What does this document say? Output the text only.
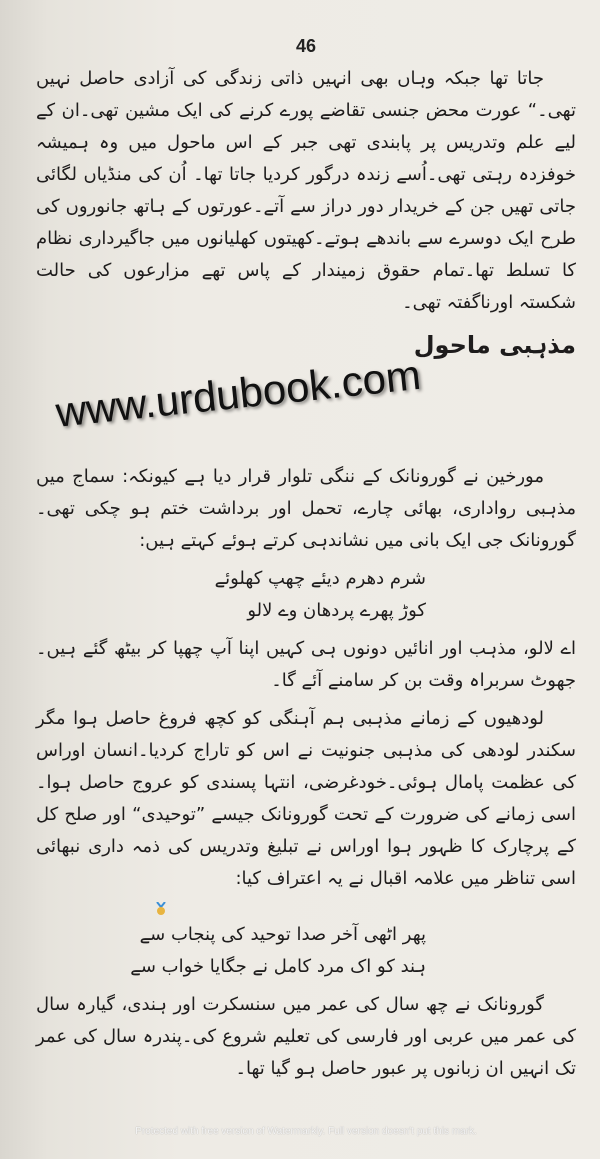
46
جاتا تھا جبکہ وہاں بھی انہیں ذاتی زندگی کی آزادی حاصل نہیں تھی۔“ عورت محض جنسی تقاضے پورے کرنے کی ایک مشین تھی۔ان کے لیے علم وتدریس پر پابندی تھی جبر کے اس ماحول میں وہ ہمیشہ خوفزدہ رہتی تھی۔اُسے زندہ درگور کردیا جاتا تھا۔ اُن کی منڈیاں لگائی جاتی تھیں جن کے خریدار دور دراز سے آتے۔عورتوں کے ہاتھ جانوروں کی طرح ایک دوسرے سے باندھے ہوتے۔کھیتوں کھلیانوں میں جاگیرداری نظام کا تسلط تھا۔تمام حقوق زمیندار کے پاس تھے مزارعوں کی حالت شکستہ اورناگفتہ تھی۔
مذہبی ماحول
www.urdubook.com
مورخین نے گورونانک کے ننگی تلوار قرار دیا ہے کیونکہ: سماج میں مذہبی رواداری، بھائی چارے، تحمل اور برداشت ختم ہو چکی تھی۔گورونانک جی ایک بانی میں نشاندہی کرتے ہوئے کہتے ہیں:
شرم دھرم دیئے چھپ کھلوئے
کوڑ پھرے پردھان وے لالو
اے لالو، مذہب اور انائیں دونوں ہی کہیں اپنا آپ چھپا کر بیٹھ گئے ہیں۔جھوٹ سربراہ وقت بن کر سامنے آئے گا۔
لودھیوں کے زمانے مذہبی ہم آہنگی کو کچھ فروغ حاصل ہوا مگر سکندر لودھی کی مذہبی جنونیت نے اس کو تاراج کردیا۔انسان اوراس کی عظمت پامال ہوئی۔خودغرضی، انتہا پسندی کو عروج حاصل ہوا۔اسی زمانے کی ضرورت کے تحت گورونانک جیسے ”توحیدی“ اور صلح کل کے پرچارک کا ظہور ہوا اوراس نے تبلیغ وتدریس کی ذمہ داری نبھائی اسی تناظر میں علامہ اقبال نے یہ اعتراف کیا:
پھر اٹھی آخر صدا توحید کی پنجاب سے
ہند کو اک مرد کامل نے جگایا خواب سے
گورونانک نے چھ سال کی عمر میں سنسکرت اور ہندی، گیارہ سال کی عمر میں عربی اور فارسی کی تعلیم شروع کی۔پندرہ سال کی عمر تک انہیں ان زبانوں پر عبور حاصل ہو گیا تھا۔
Protected with free version of Watermarkly. Full version doesn't put this mark.
